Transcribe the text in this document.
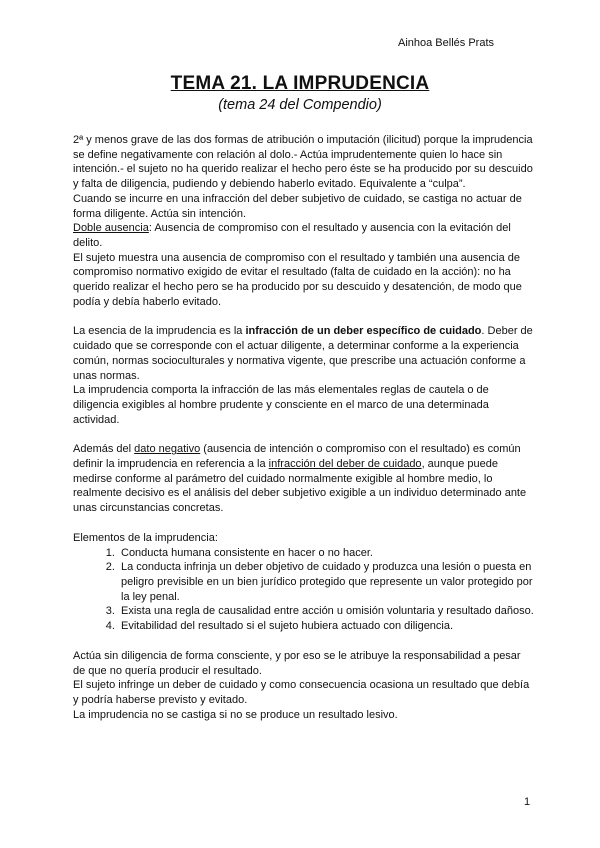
Ainhoa Bellés Prats
TEMA 21. LA IMPRUDENCIA
(tema 24 del Compendio)

2ª y menos grave de las dos formas de atribución o imputación (ilicitud) porque la imprudencia se define negativamente con relación al dolo.- Actúa imprudentemente quien lo hace sin intención.- el sujeto no ha querido realizar el hecho pero éste se ha producido por su descuido y falta de diligencia, pudiendo y debiendo haberlo evitado. Equivalente a “culpa”.

Cuando se incurre en una infracción del deber subjetivo de cuidado, se castiga no actuar de forma diligente. Actúa sin intención.

Doble ausencia: Ausencia de compromiso con el resultado y ausencia con la evitación del delito.

El sujeto muestra una ausencia de compromiso con el resultado y también una ausencia de compromiso normativo exigido de evitar el resultado (falta de cuidado en la acción): no ha querido realizar el hecho pero se ha producido por su descuido y desatención, de modo que podía y debía haberlo evitado.

La esencia de la imprudencia es la infracción de un deber específico de cuidado. Deber de cuidado que se corresponde con el actuar diligente, a determinar conforme a la experiencia común, normas socioculturales y normativa vigente, que prescribe una actuación conforme a unas normas.

La imprudencia comporta la infracción de las más elementales reglas de cautela o de diligencia exigibles al hombre prudente y consciente en el marco de una determinada actividad.

Además del dato negativo (ausencia de intención o compromiso con el resultado) es común definir la imprudencia en referencia a la infracción del deber de cuidado, aunque puede medirse conforme al parámetro del cuidado normalmente exigible al hombre medio, lo realmente decisivo es el análisis del deber subjetivo exigible a un individuo determinado ante unas circunstancias concretas.

Elementos de la imprudencia:

1. Conducta humana consistente en hacer o no hacer.
2. La conducta infrinja un deber objetivo de cuidado y produzca una lesión o puesta en peligro previsible en un bien jurídico protegido que represente un valor protegido por la ley penal.
3. Exista una regla de causalidad entre acción u omisión voluntaria y resultado dañoso.
4. Evitabilidad del resultado si el sujeto hubiera actuado con diligencia.

Actúa sin diligencia de forma consciente, y por eso se le atribuye la responsabilidad a pesar de que no quería producir el resultado.

El sujeto infringe un deber de cuidado y como consecuencia ocasiona un resultado que debía y podría haberse previsto y evitado.

La imprudencia no se castiga si no se produce un resultado lesivo.

1
